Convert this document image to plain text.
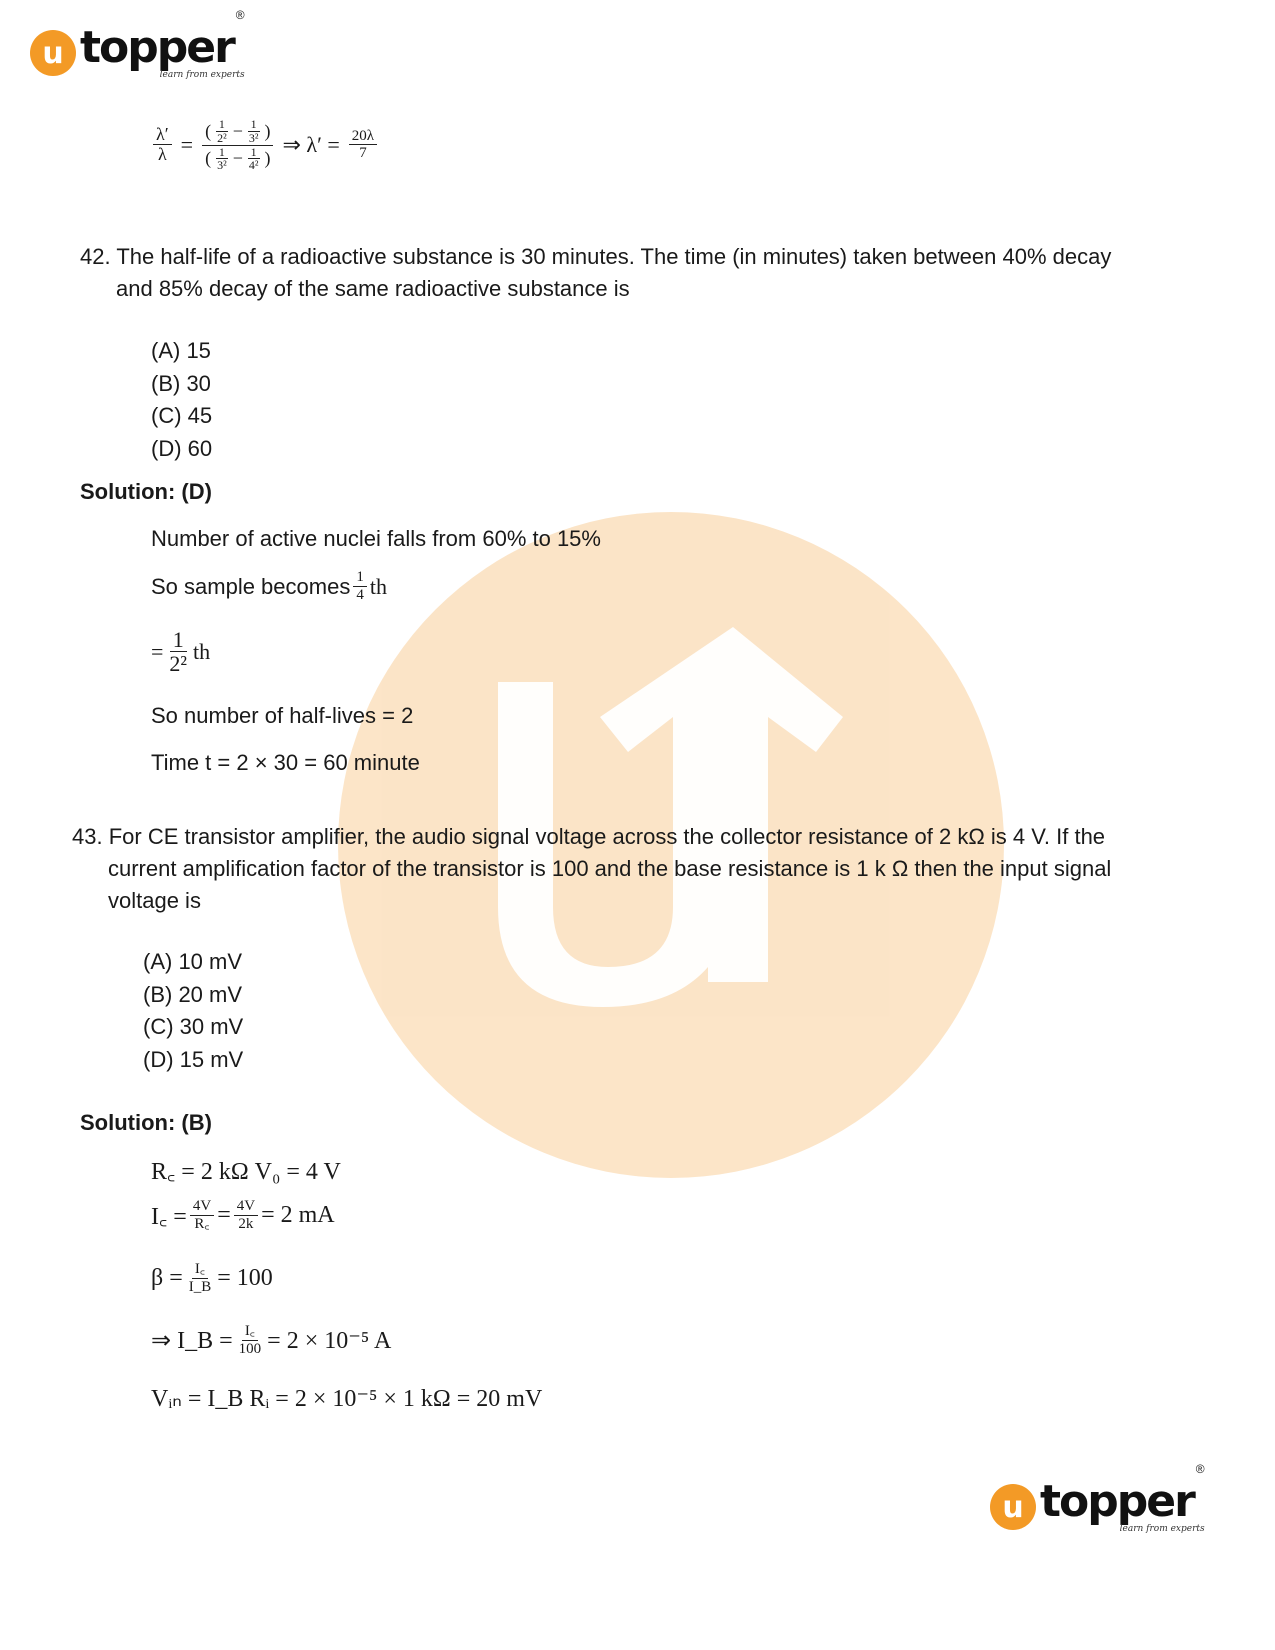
u topper
®
learn from experts
$\frac{\lambda'}{\lambda} = \frac{( \frac{1}{\text{2²}} - \frac{1}{\text{3²}} )}{( \frac{1}{\text{3²}} - \frac{1}{\text{4²}} )}$ ⇒ $\lambda' = \frac{20\lambda}{7}$
42. The half-life of a radioactive substance is 30 minutes. The time (in minutes) taken between 40% decay
and 85% decay of the same radioactive substance is
(A) 15
(B) 30
(C) 45
(D) 60
Solution: (D)
Number of active nuclei falls from 60% to 15%
So sample becomes $\frac{1}{4}$ th
= $\frac{1}{\text{2²}}$ th
So number of half-lives = 2
Time t = 2 × 30 = 60 minute
43. For CE transistor amplifier, the audio signal voltage across the collector resistance of 2 kΩ is 4 V. If the
current amplification factor of the transistor is 100 and the base resistance is 1 k Ω then the input signal
voltage is
(A) 10 mV
(B) 20 mV
(C) 30 mV
(D) 15 mV
Solution: (B)
R꜀ = 2 kΩ V₀ = 4 V
I꜀ = $\frac{4V}{R꜀} = \frac{4V}{2k} = 2$ mA
$\beta = \frac{I꜀}{I\_B} = 100$
⇒ I_B = $\frac{I꜀}{100} = 2 \times 10^{-5}$ A
Vᵢₙ = I_B Rᵢ = 2 × 10⁻⁵ × 1 kΩ = 20 mV
u topper
®
learn from experts
